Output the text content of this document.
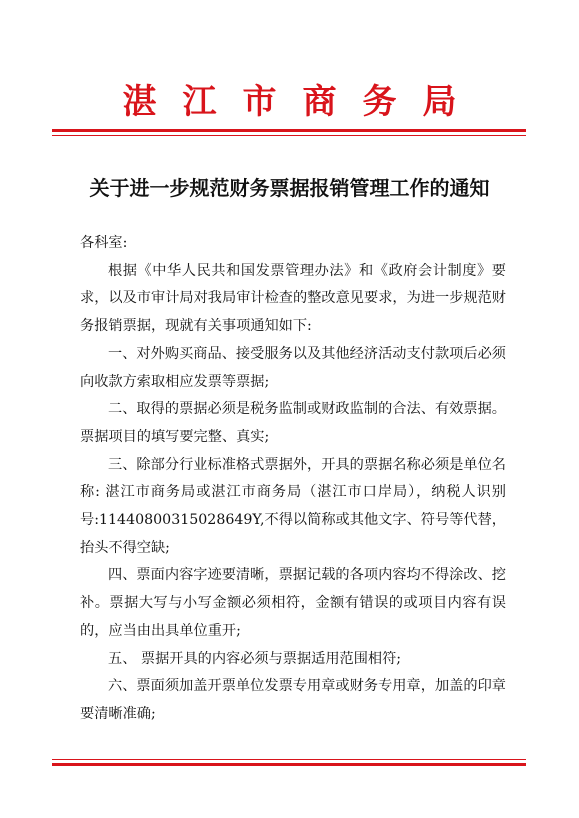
湛江市商务局
关于进一步规范财务票据报销管理工作的通知

各科室:

根据《中华人民共和国发票管理办法》和《政府会计制度》要求，以及市审计局对我局审计检查的整改意见要求，为进一步规范财务报销票据，现就有关事项通知如下:

一、对外购买商品、接受服务以及其他经济活动支付款项后必须向收款方索取相应发票等票据;

二、取得的票据必须是税务监制或财政监制的合法、有效票据。票据项目的填写要完整、真实;

三、除部分行业标准格式票据外，开具的票据名称必须是单位名称: 湛江市商务局或湛江市商务局（湛江市口岸局），纳税人识别号:11440800315028649Y,不得以简称或其他文字、符号等代替，抬头不得空缺;

四、票面内容字迹要清晰，票据记载的各项内容均不得涂改、挖补。票据大写与小写金额必须相符，金额有错误的或项目内容有误的，应当由出具单位重开;

五、 票据开具的内容必须与票据适用范围相符;

六、票面须加盖开票单位发票专用章或财务专用章，加盖的印章要清晰准确;
